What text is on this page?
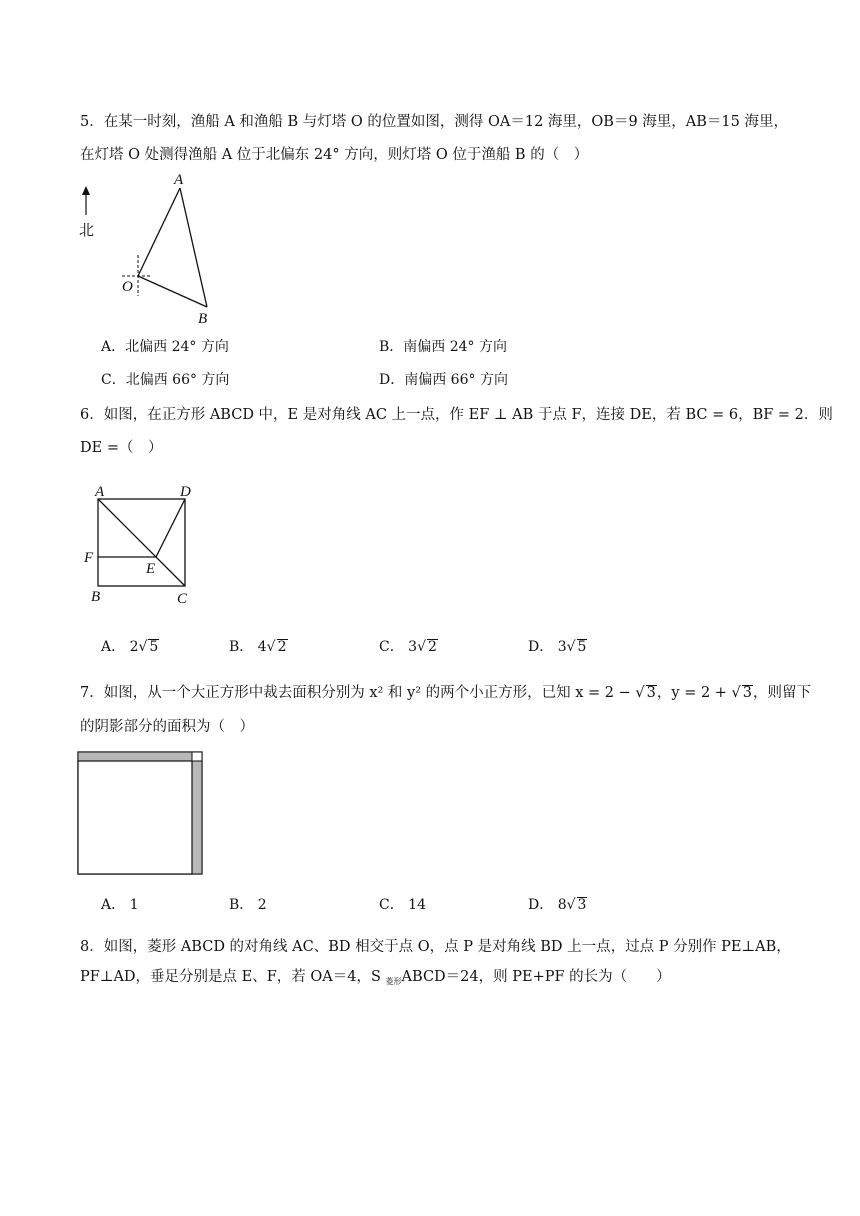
5．在某一时刻，渔船 A 和渔船 B 与灯塔 O 的位置如图，测得 OA＝12 海里，OB＝9 海里，AB＝15 海里，
在灯塔 O 处测得渔船 A 位于北偏东 24° 方向，则灯塔 O 位于渔船 B 的（　）
北
A
O
B
A．北偏西 24° 方向	B．南偏西 24° 方向
C．北偏西 66° 方向	D．南偏西 66° 方向
6．如图，在正方形 ABCD 中，E 是对角线 AC 上一点，作 EF ⊥ AB 于点 F，连接 DE，若 BC = 6，BF = 2．则
DE =（　）
A	D
F
E
B	C
A． 2√ 5	B． 4√ 2	C． 3√ 2	D． 3√ 5
7．如图，从一个大正方形中裁去面积分别为 x² 和 y² 的两个小正方形，已知 x = 2 − √ 3，y = 2 + √ 3，则留下
的阴影部分的面积为（　）
A． 1	B． 2	C． 14	D． 8√ 3
8．如图，菱形 ABCD 的对角线 AC、BD 相交于点 O，点 P 是对角线 BD 上一点，过点 P 分别作 PE⊥AB，
PF⊥AD，垂足分别是点 E、F，若 OA＝4，S $_{菱形}$ABCD＝24，则 PE+PF 的长为（　　）
